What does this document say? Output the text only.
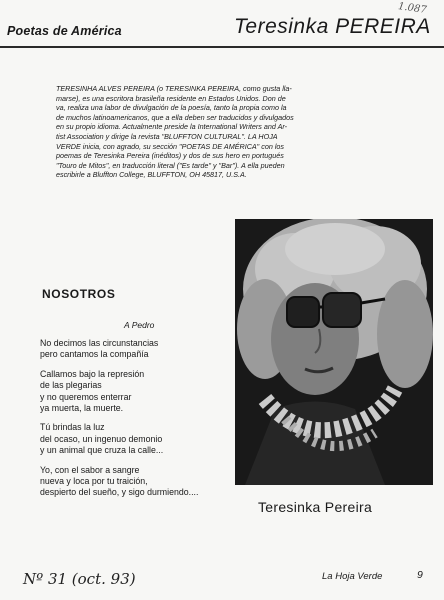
Poetas de América	Teresinka PEREIRA
1.087
TERESINHA ALVES PEREIRA (o TERESINKA PEREIRA, como gusta lla-
marse), es una escritora brasileña residente en Estados Unidos. Don de
va, realiza una labor de divulgación de la poesía, tanto la propia como la
de muchos latinoamericanos, que a ella deben ser traducidos y divulgados
en su propio idioma. Actualmente preside la International Writers and Ar-
tist Association y dirige la revista "BLUFFTON CULTURAL". LA HOJA
VERDE inicia, con agrado, su sección "POETAS DE AMÉRICA" con los
poemas de Teresinka Pereira (inéditos) y dos de sus hero en portugués
"Touro de Mitos", en traducción literal ("Es tarde" y "Bar"). A ella pueden
escribirle a Bluffton College, BLUFFTON, OH 45817, U.S.A.
NOSOTROS
A Pedro
No decimos las circunstancias
pero cantamos la compañía
Callamos bajo la represión
de las plegarias
y no queremos enterrar
ya muerta, la muerte.
Tú brindas la luz
del ocaso, un ingenuo demonio
y un animal que cruza la calle...
Yo, con el sabor a sangre
nueva y loca por tu traición,
despierto del sueño, y sigo durmiendo....
Teresinka Pereira
Nº 31 (oct. 93)	La Hoja Verde	9
